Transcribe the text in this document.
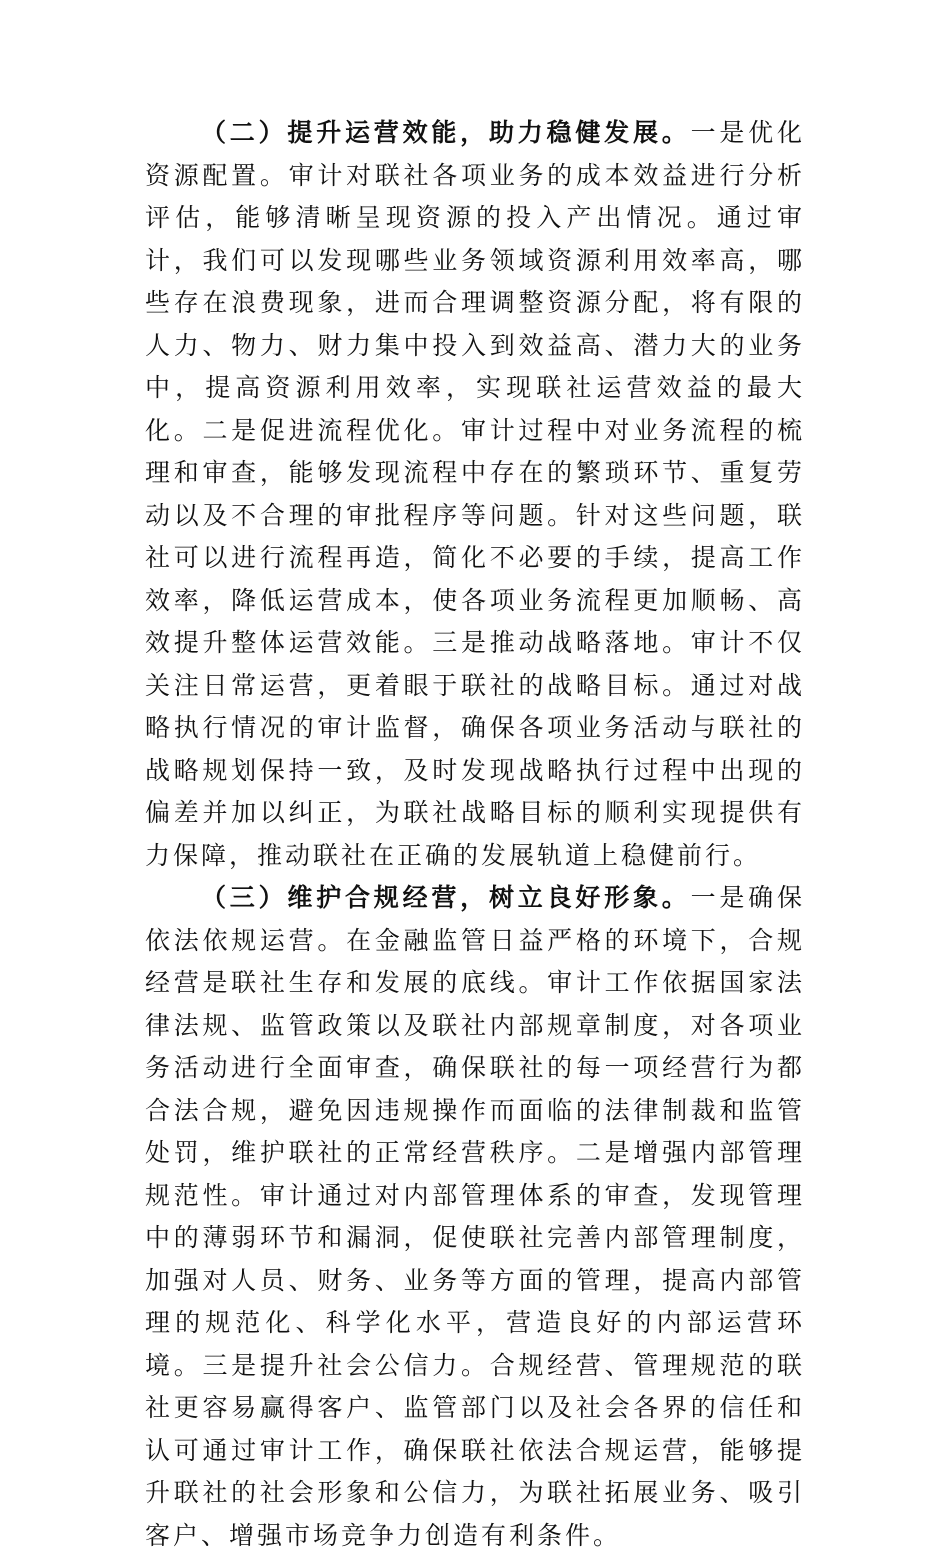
（二）提升运营效能，助力稳健发展。一是优化资源配置。审计对联社各项业务的成本效益进行分析评估，能够清晰呈现资源的投入产出情况。通过审计，我们可以发现哪些业务领域资源利用效率高，哪些存在浪费现象，进而合理调整资源分配，将有限的人力、物力、财力集中投入到效益高、潜力大的业务中，提高资源利用效率，实现联社运营效益的最大化。二是促进流程优化。审计过程中对业务流程的梳理和审查，能够发现流程中存在的繁琐环节、重复劳动以及不合理的审批程序等问题。针对这些问题，联社可以进行流程再造，简化不必要的手续，提高工作效率，降低运营成本，使各项业务流程更加顺畅、高效提升整体运营效能。三是推动战略落地。审计不仅关注日常运营，更着眼于联社的战略目标。通过对战略执行情况的审计监督，确保各项业务活动与联社的战略规划保持一致，及时发现战略执行过程中出现的偏差并加以纠正，为联社战略目标的顺利实现提供有力保障，推动联社在正确的发展轨道上稳健前行。

（三）维护合规经营，树立良好形象。一是确保依法依规运营。在金融监管日益严格的环境下，合规经营是联社生存和发展的底线。审计工作依据国家法律法规、监管政策以及联社内部规章制度，对各项业务活动进行全面审查，确保联社的每一项经营行为都合法合规，避免因违规操作而面临的法律制裁和监管处罚，维护联社的正常经营秩序。二是增强内部管理规范性。审计通过对内部管理体系的审查，发现管理中的薄弱环节和漏洞，促使联社完善内部管理制度，加强对人员、财务、业务等方面的管理，提高内部管理的规范化、科学化水平，营造良好的内部运营环境。三是提升社会公信力。合规经营、管理规范的联社更容易赢得客户、监管部门以及社会各界的信任和认可通过审计工作，确保联社依法合规运营，能够提升联社的社会形象和公信力，为联社拓展业务、吸引客户、增强市场竞争力创造有利条件。
